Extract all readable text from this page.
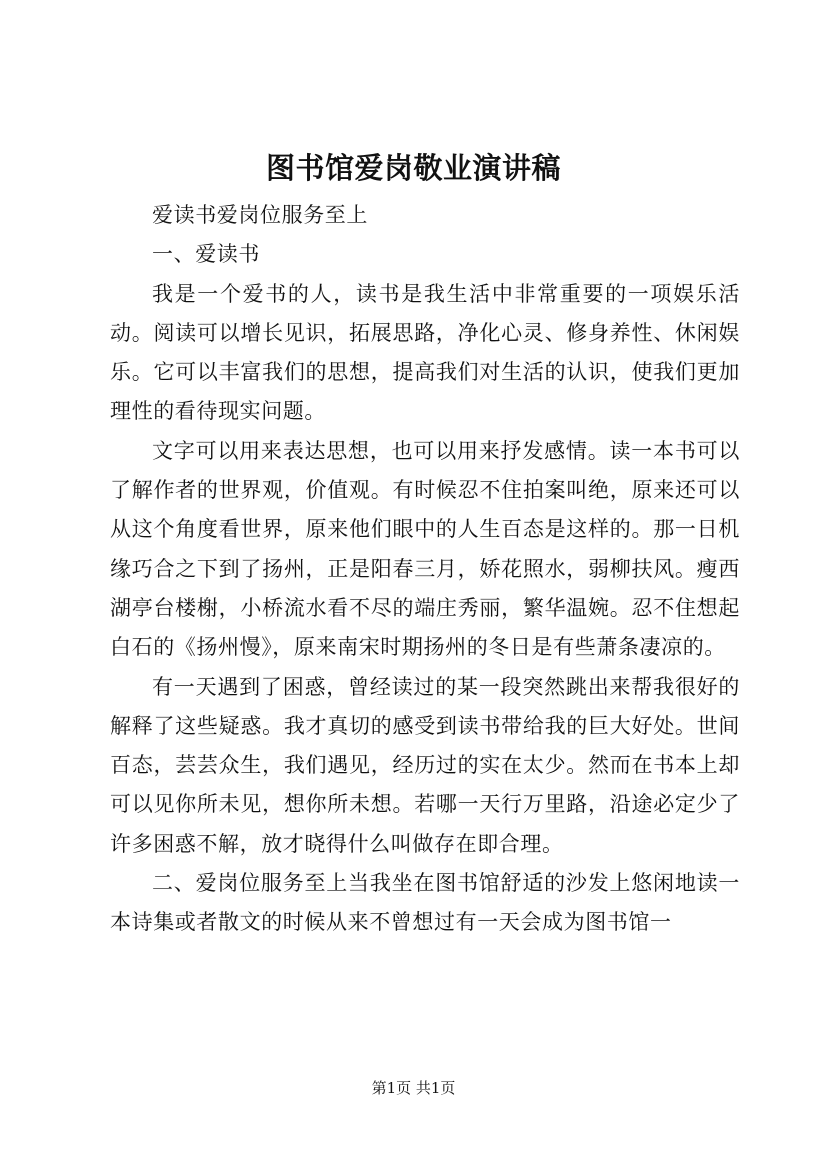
图书馆爱岗敬业演讲稿

爱读书爱岗位服务至上

一、爱读书

我是一个爱书的人，读书是我生活中非常重要的一项娱乐活动。阅读可以增长见识，拓展思路，净化心灵、修身养性、休闲娱乐。它可以丰富我们的思想，提高我们对生活的认识，使我们更加理性的看待现实问题。

文字可以用来表达思想，也可以用来抒发感情。读一本书可以了解作者的世界观，价值观。有时候忍不住拍案叫绝，原来还可以从这个角度看世界，原来他们眼中的人生百态是这样的。那一日机缘巧合之下到了扬州，正是阳春三月，娇花照水，弱柳扶风。瘦西湖亭台楼榭，小桥流水看不尽的端庄秀丽，繁华温婉。忍不住想起白石的《扬州慢》，原来南宋时期扬州的冬日是有些萧条凄凉的。

有一天遇到了困惑，曾经读过的某一段突然跳出来帮我很好的解释了这些疑惑。我才真切的感受到读书带给我的巨大好处。世间百态，芸芸众生，我们遇见，经历过的实在太少。然而在书本上却可以见你所未见，想你所未想。若哪一天行万里路，沿途必定少了许多困惑不解，放才晓得什么叫做存在即合理。

二、爱岗位服务至上当我坐在图书馆舒适的沙发上悠闲地读一本诗集或者散文的时候从来不曾想过有一天会成为图书馆一

第1页 共1页
